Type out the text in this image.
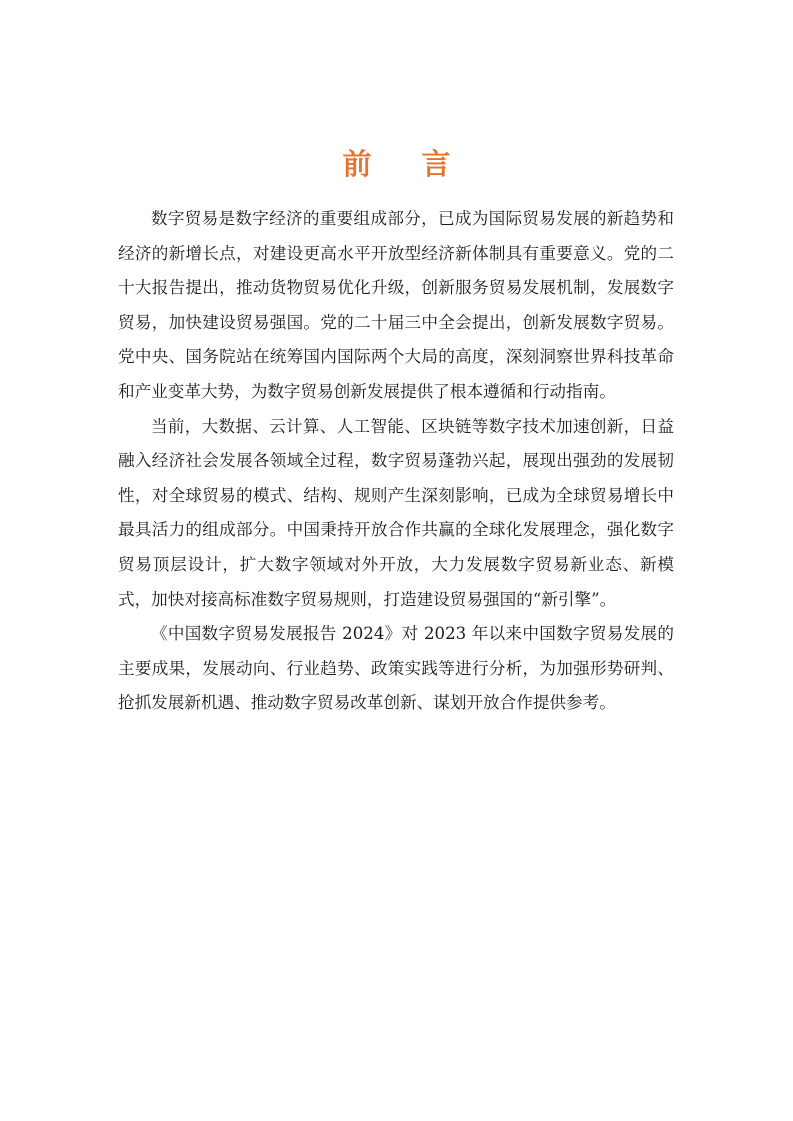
前 言

数字贸易是数字经济的重要组成部分，已成为国际贸易发展的新趋势和经济的新增长点，对建设更高水平开放型经济新体制具有重要意义。党的二十大报告提出，推动货物贸易优化升级，创新服务贸易发展机制，发展数字贸易，加快建设贸易强国。党的二十届三中全会提出，创新发展数字贸易。党中央、国务院站在统筹国内国际两个大局的高度，深刻洞察世界科技革命和产业变革大势，为数字贸易创新发展提供了根本遵循和行动指南。

当前，大数据、云计算、人工智能、区块链等数字技术加速创新，日益融入经济社会发展各领域全过程，数字贸易蓬勃兴起，展现出强劲的发展韧性，对全球贸易的模式、结构、规则产生深刻影响，已成为全球贸易增长中最具活力的组成部分。中国秉持开放合作共赢的全球化发展理念，强化数字贸易顶层设计，扩大数字领域对外开放，大力发展数字贸易新业态、新模式，加快对接高标准数字贸易规则，打造建设贸易强国的“新引擎”。

《中国数字贸易发展报告 2024》对 2023 年以来中国数字贸易发展的主要成果，发展动向、行业趋势、政策实践等进行分析，为加强形势研判、抢抓发展新机遇、推动数字贸易改革创新、谋划开放合作提供参考。
